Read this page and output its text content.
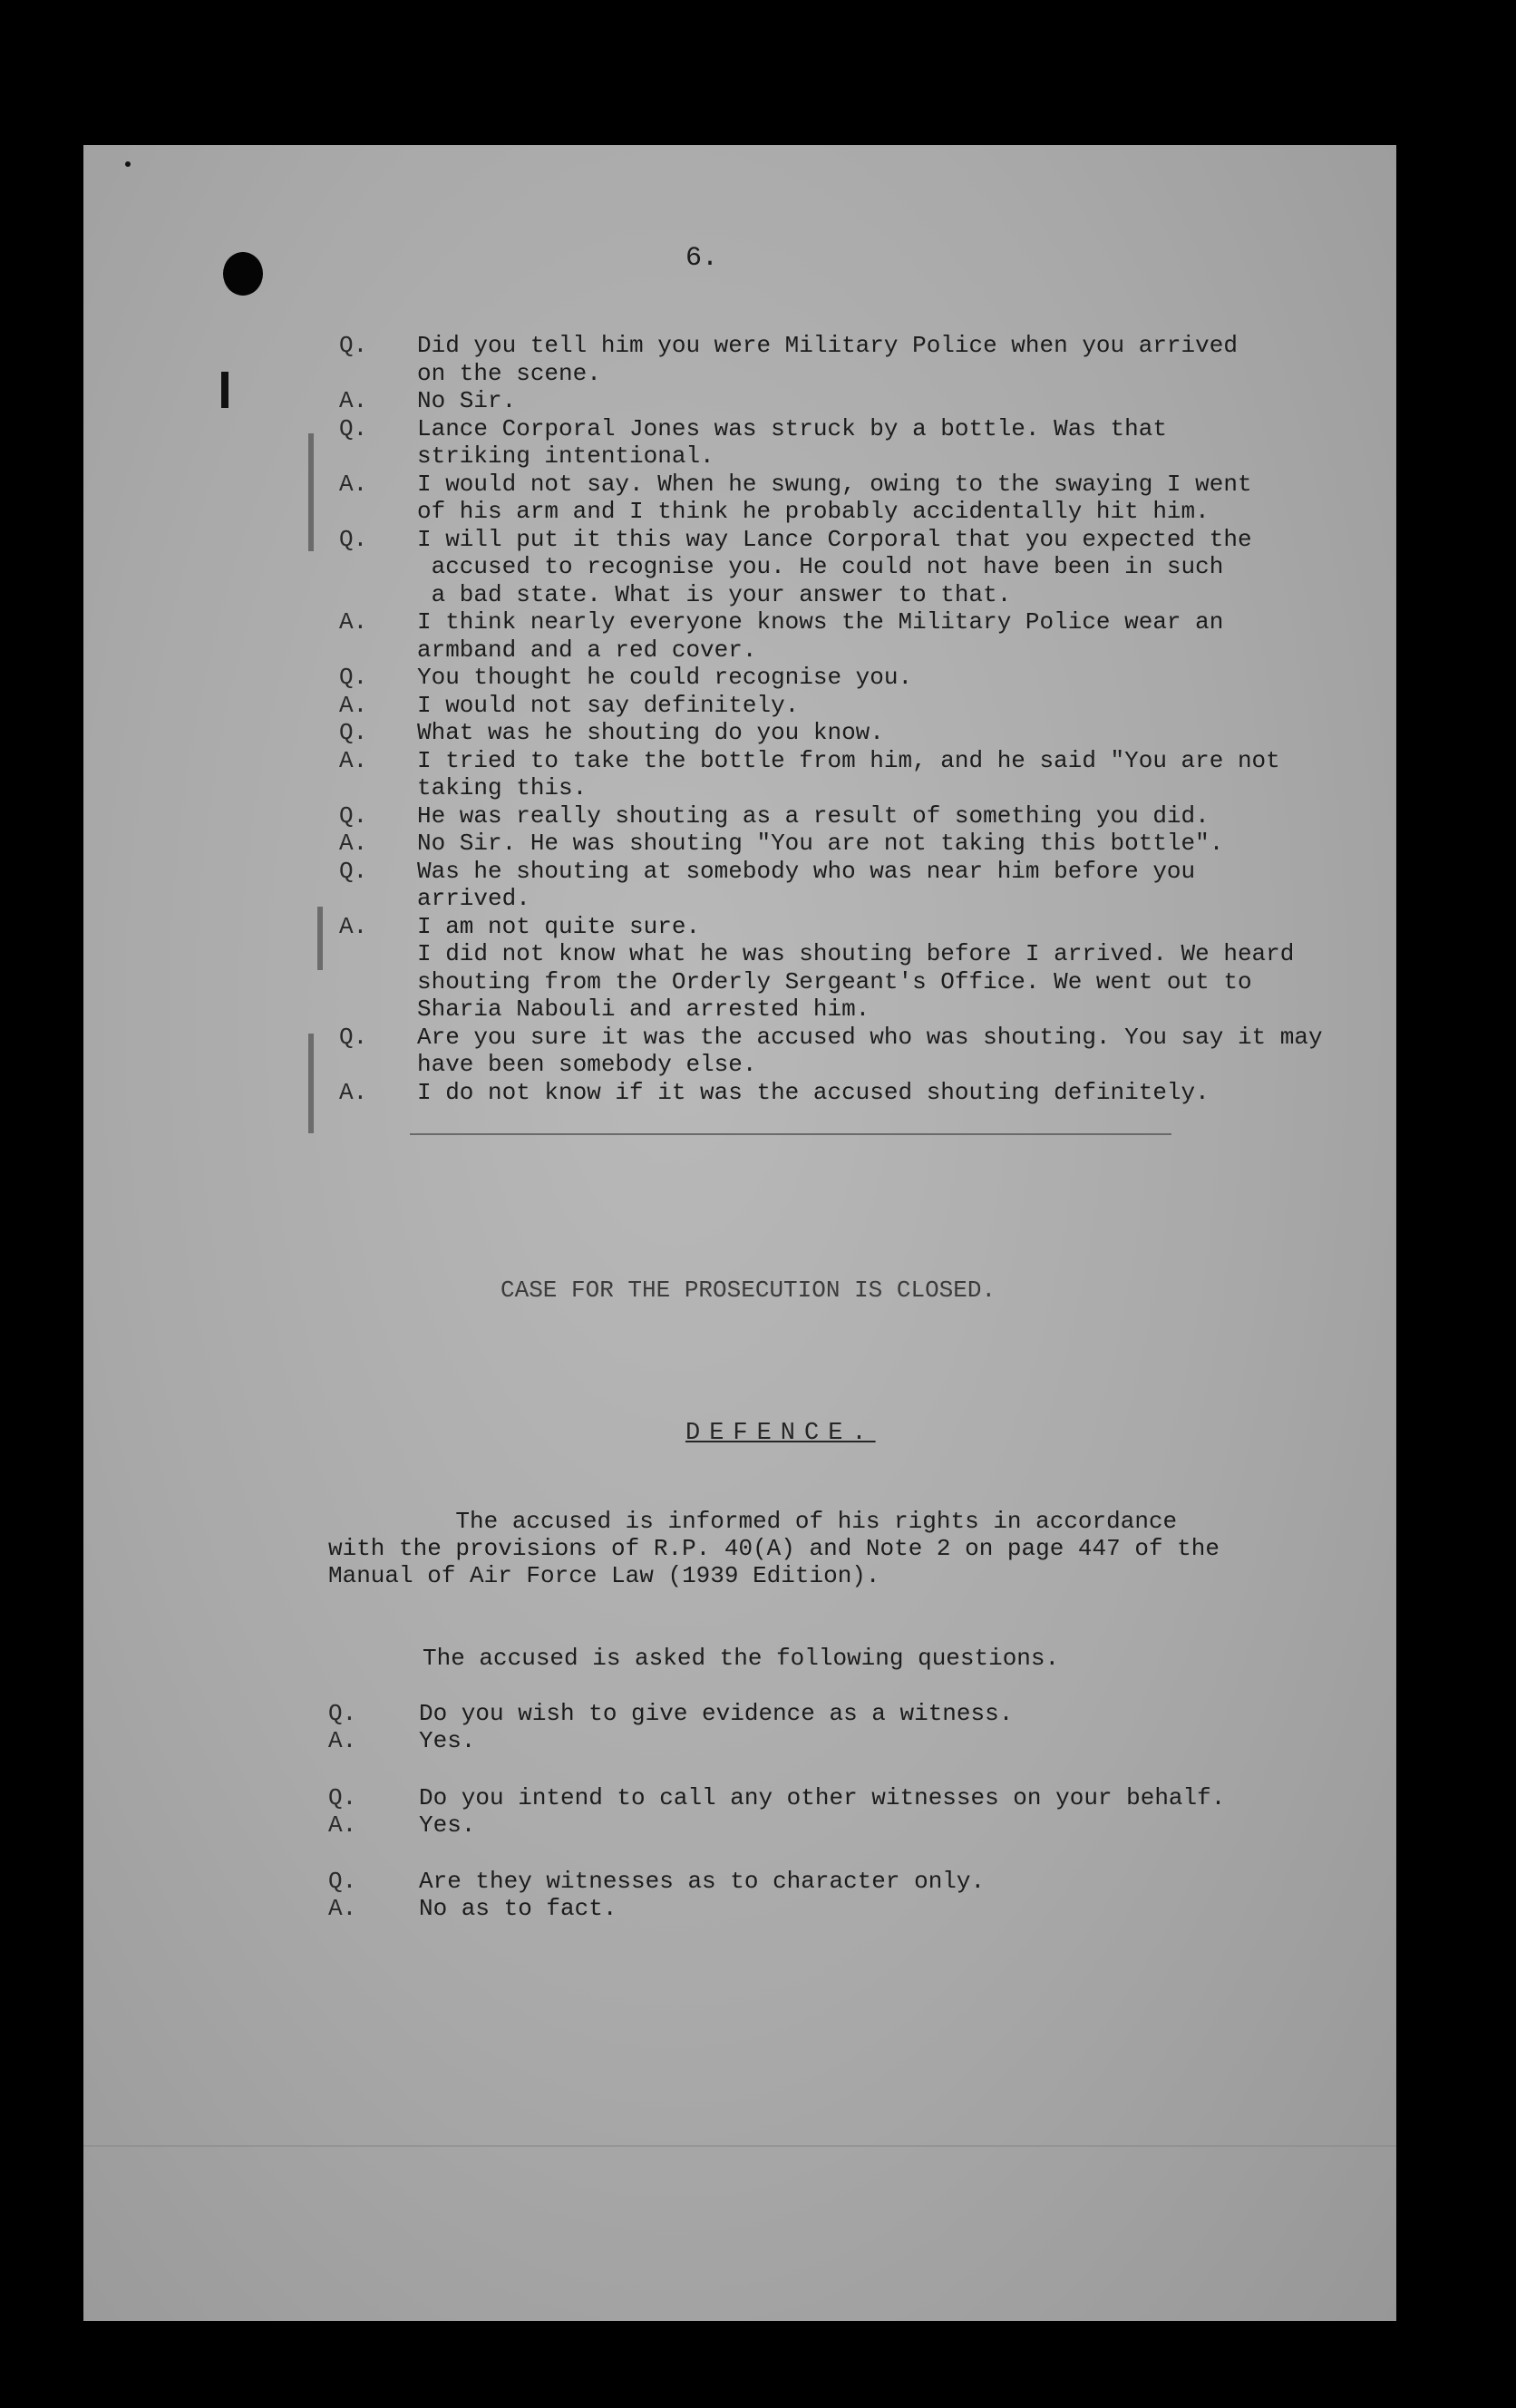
6.
Q. Did you tell him you were Military Police when you arrived
on the scene.
A. No Sir.
Q. Lance Corporal Jones was struck by a bottle. Was that
striking intentional.
A. I would not say. When he swung, owing to the swaying I went
of his arm and I think he probably accidentally hit him.
Q. I will put it this way Lance Corporal that you expected the
accused to recognise you. He could not have been in such
a bad state. What is your answer to that.
A. I think nearly everyone knows the Military Police wear an
armband and a red cover.
Q. You thought he could recognise you.
A. I would not say definitely.
Q. What was he shouting do you know.
A. I tried to take the bottle from him, and he said "You are not
taking this.
Q. He was really shouting as a result of something you did.
A. No Sir. He was shouting "You are not taking this bottle".
Q. Was he shouting at somebody who was near him before you
arrived.
A. I am not quite sure.
I did not know what he was shouting before I arrived. We heard
shouting from the Orderly Sergeant's Office. We went out to
Sharia Nabouli and arrested him.
Q. Are you sure it was the accused who was shouting. You say it may
have been somebody else.
A. I do not know if it was the accused shouting definitely.
CASE FOR THE PROSECUTION IS CLOSED.
DEFENCE.
The accused is informed of his rights in accordance
with the provisions of R.P. 40(A) and Note 2 on page 447 of the
Manual of Air Force Law (1939 Edition).
The accused is asked the following questions.
Q.	Do you wish to give evidence as a witness.
A.	Yes.
Q.	Do you intend to call any other witnesses on your behalf.
A.	Yes.
Q.	Are they witnesses as to character only.
A.	No as to fact.
